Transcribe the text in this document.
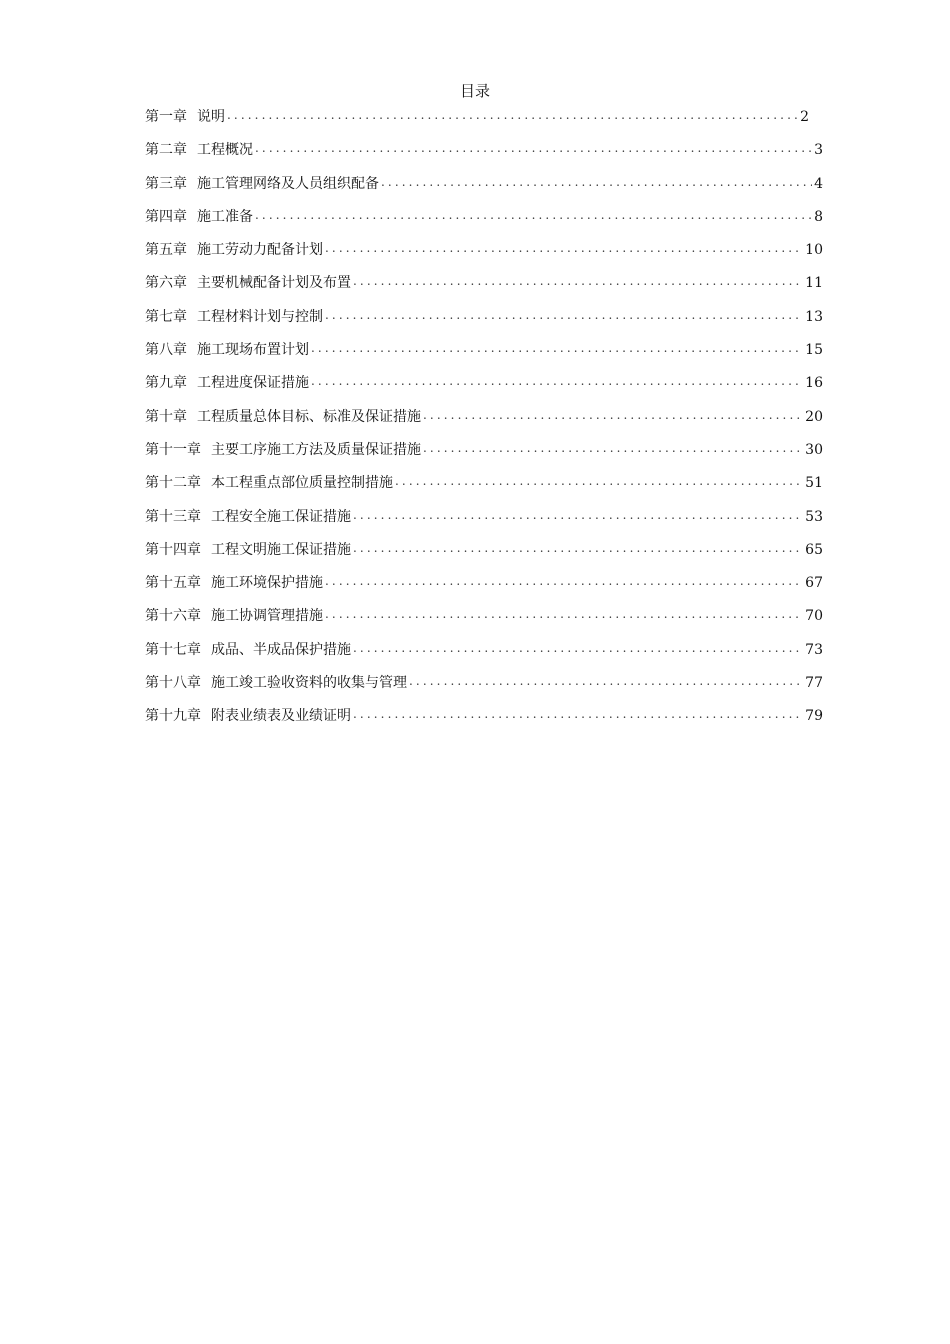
目录
第一章 说明 .....	2
第二章 工程概况 .....	3
第三章 施工管理网络及人员组织配备 .....	4
第四章 施工准备 .....	8
第五章 施工劳动力配备计划 .....	10
第六章 主要机械配备计划及布置 .....	11
第七章 工程材料计划与控制 .....	13
第八章 施工现场布置计划 .....	15
第九章 工程进度保证措施 .....	16
第十章 工程质量总体目标、标准及保证措施 .....	20
第十一章 主要工序施工方法及质量保证措施 .....	30
第十二章 本工程重点部位质量控制措施 .....	51
第十三章 工程安全施工保证措施 .....	53
第十四章 工程文明施工保证措施 .....	65
第十五章 施工环境保护措施 .....	67
第十六章 施工协调管理措施 .....	70
第十七章 成品、半成品保护措施 .....	73
第十八章 施工竣工验收资料的收集与管理 .....	77
第十九章 附表业绩表及业绩证明 .....	79
